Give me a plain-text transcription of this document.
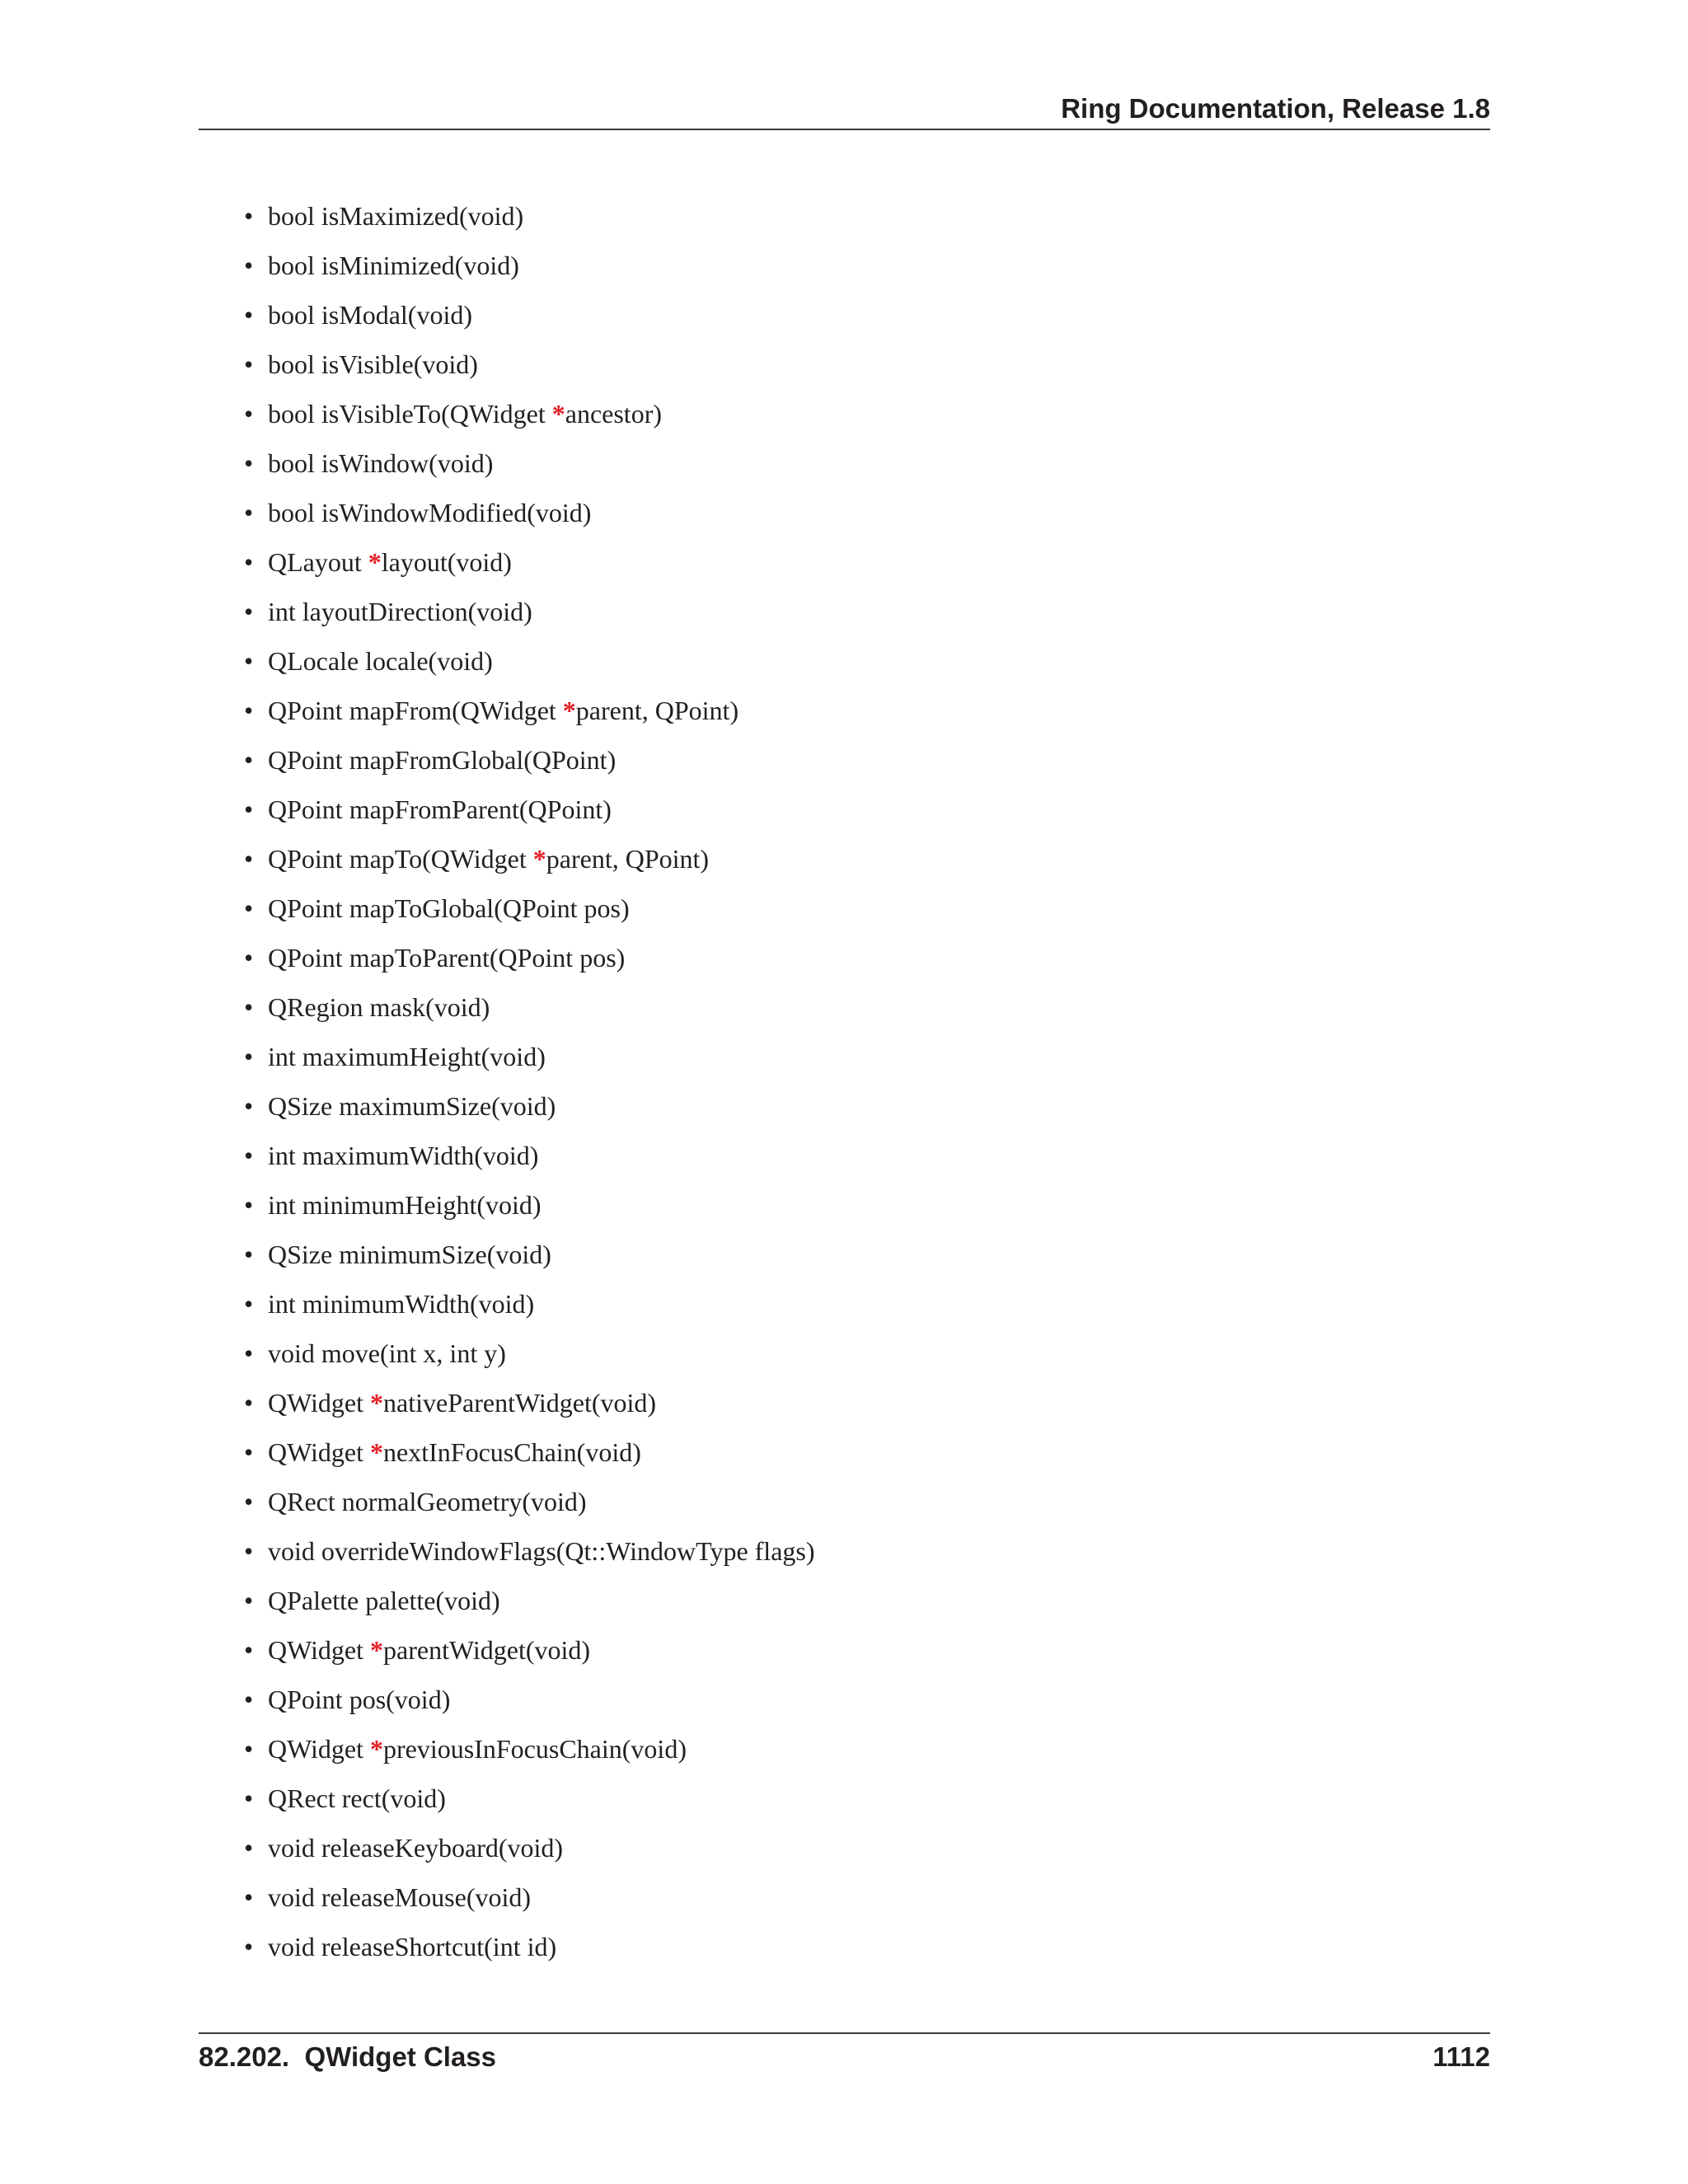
Ring Documentation, Release 1.8
• bool isMaximized(void)
• bool isMinimized(void)
• bool isModal(void)
• bool isVisible(void)
• bool isVisibleTo(QWidget *ancestor)
• bool isWindow(void)
• bool isWindowModified(void)
• QLayout *layout(void)
• int layoutDirection(void)
• QLocale locale(void)
• QPoint mapFrom(QWidget *parent, QPoint)
• QPoint mapFromGlobal(QPoint)
• QPoint mapFromParent(QPoint)
• QPoint mapTo(QWidget *parent, QPoint)
• QPoint mapToGlobal(QPoint pos)
• QPoint mapToParent(QPoint pos)
• QRegion mask(void)
• int maximumHeight(void)
• QSize maximumSize(void)
• int maximumWidth(void)
• int minimumHeight(void)
• QSize minimumSize(void)
• int minimumWidth(void)
• void move(int x, int y)
• QWidget *nativeParentWidget(void)
• QWidget *nextInFocusChain(void)
• QRect normalGeometry(void)
• void overrideWindowFlags(Qt::WindowType flags)
• QPalette palette(void)
• QWidget *parentWidget(void)
• QPoint pos(void)
• QWidget *previousInFocusChain(void)
• QRect rect(void)
• void releaseKeyboard(void)
• void releaseMouse(void)
• void releaseShortcut(int id)
82.202.  QWidget Class	1112
